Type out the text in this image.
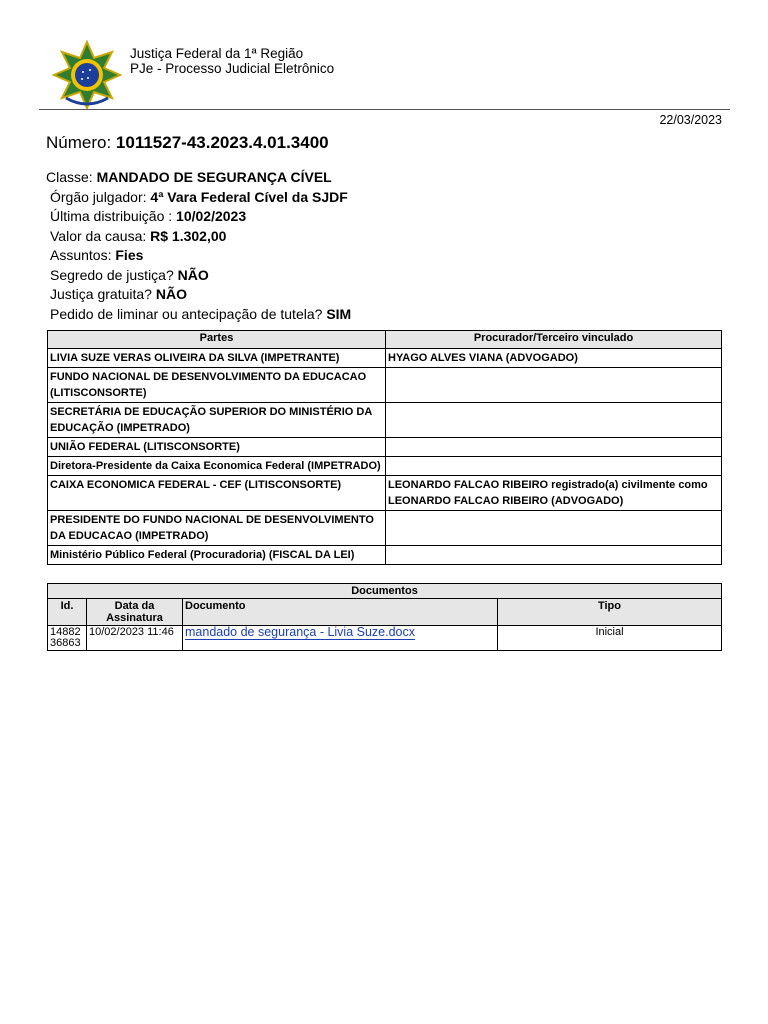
Justiça Federal da 1ª Região
PJe - Processo Judicial Eletrônico
22/03/2023
Número: 1011527-43.2023.4.01.3400
Classe: MANDADO DE SEGURANÇA CÍVEL
Órgão julgador: 4ª Vara Federal Cível da SJDF
Última distribuição : 10/02/2023
Valor da causa: R$ 1.302,00
Assuntos: Fies
Segredo de justiça? NÃO
Justiça gratuita? NÃO
Pedido de liminar ou antecipação de tutela? SIM
Partes	Procurador/Terceiro vinculado
LIVIA SUZE VERAS OLIVEIRA DA SILVA (IMPETRANTE)	HYAGO ALVES VIANA (ADVOGADO)
FUNDO NACIONAL DE DESENVOLVIMENTO DA EDUCACAO (LITISCONSORTE)	
SECRETÁRIA DE EDUCAÇÃO SUPERIOR DO MINISTÉRIO DA EDUCAÇÃO (IMPETRADO)	
UNIÃO FEDERAL (LITISCONSORTE)	
Diretora-Presidente da Caixa Economica Federal (IMPETRADO)	
CAIXA ECONOMICA FEDERAL - CEF (LITISCONSORTE)	LEONARDO FALCAO RIBEIRO registrado(a) civilmente como LEONARDO FALCAO RIBEIRO (ADVOGADO)
PRESIDENTE DO FUNDO NACIONAL DE DESENVOLVIMENTO DA EDUCACAO (IMPETRADO)	
Ministério Público Federal (Procuradoria) (FISCAL DA LEI)	
Documentos			
Id.	Data da Assinatura	Documento	Tipo
14882 36863	10/02/2023 11:46	mandado de segurança - Livia Suze.docx	Inicial
